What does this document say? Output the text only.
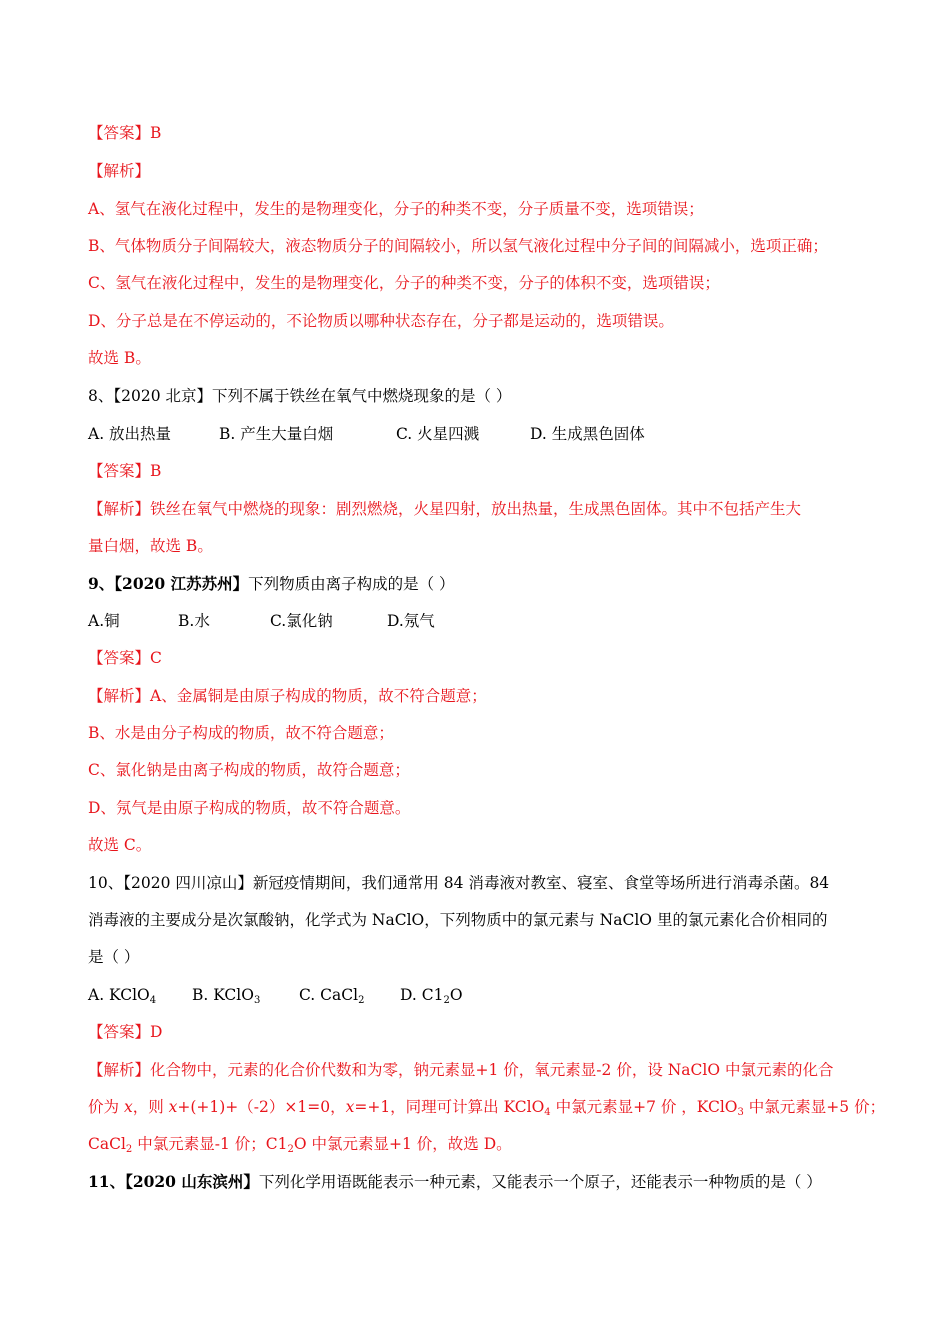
【答案】B
【解析】
A、氢气在液化过程中，发生的是物理变化，分子的种类不变，分子质量不变，选项错误；
B、气体物质分子间隔较大，液态物质分子的间隔较小，所以氢气液化过程中分子间的间隔减小，选项正确；
C、氢气在液化过程中，发生的是物理变化，分子的种类不变，分子的体积不变，选项错误；
D、分子总是在不停运动的，不论物质以哪种状态存在，分子都是运动的，选项错误。
故选 B。
8、【2020 北京】下列不属于铁丝在氧气中燃烧现象的是（ ）
A. 放出热量	B. 产生大量白烟	C. 火星四溅	D. 生成黑色固体
【答案】B
【解析】铁丝在氧气中燃烧的现象：剧烈燃烧，火星四射，放出热量，生成黑色固体。其中不包括产生大
量白烟，故选 B。
9、【2020 江苏苏州】下列物质由离子构成的是（ ）
A.铜	B.水	C.氯化钠	D.氖气
【答案】C
【解析】A、金属铜是由原子构成的物质，故不符合题意；
B、水是由分子构成的物质，故不符合题意；
C、氯化钠是由离子构成的物质，故符合题意；
D、氖气是由原子构成的物质，故不符合题意。
故选 C。
10、【2020 四川凉山】新冠疫情期间，我们通常用 84 消毒液对教室、寝室、食堂等场所进行消毒杀菌。84
消毒液的主要成分是次氯酸钠，化学式为 NaClO，下列物质中的氯元素与 NaClO 里的氯元素化合价相同的
是（ ）
A. KClO$_4$ B. KClO$_3$ C. CaCl$_2$ D. $C1_2O$
【答案】D
【解析】化合物中，元素的化合价代数和为零，钠元素显+1 价，氧元素显-2 价，设 NaClO 中氯元素的化合
价为 x，则 x+(+1)+（-2）×1=0，x=+1，同理可计算出 KClO$_4$ 中氯元素显+7 价 ，KClO$_3$ 中氯元素显+5 价；
CaCl$_2$ 中氯元素显-1 价；$C1_2O$ 中氯元素显+1 价，故选 D。
11、【2020 山东滨州】下列化学用语既能表示一种元素，又能表示一个原子，还能表示一种物质的是（ ）
